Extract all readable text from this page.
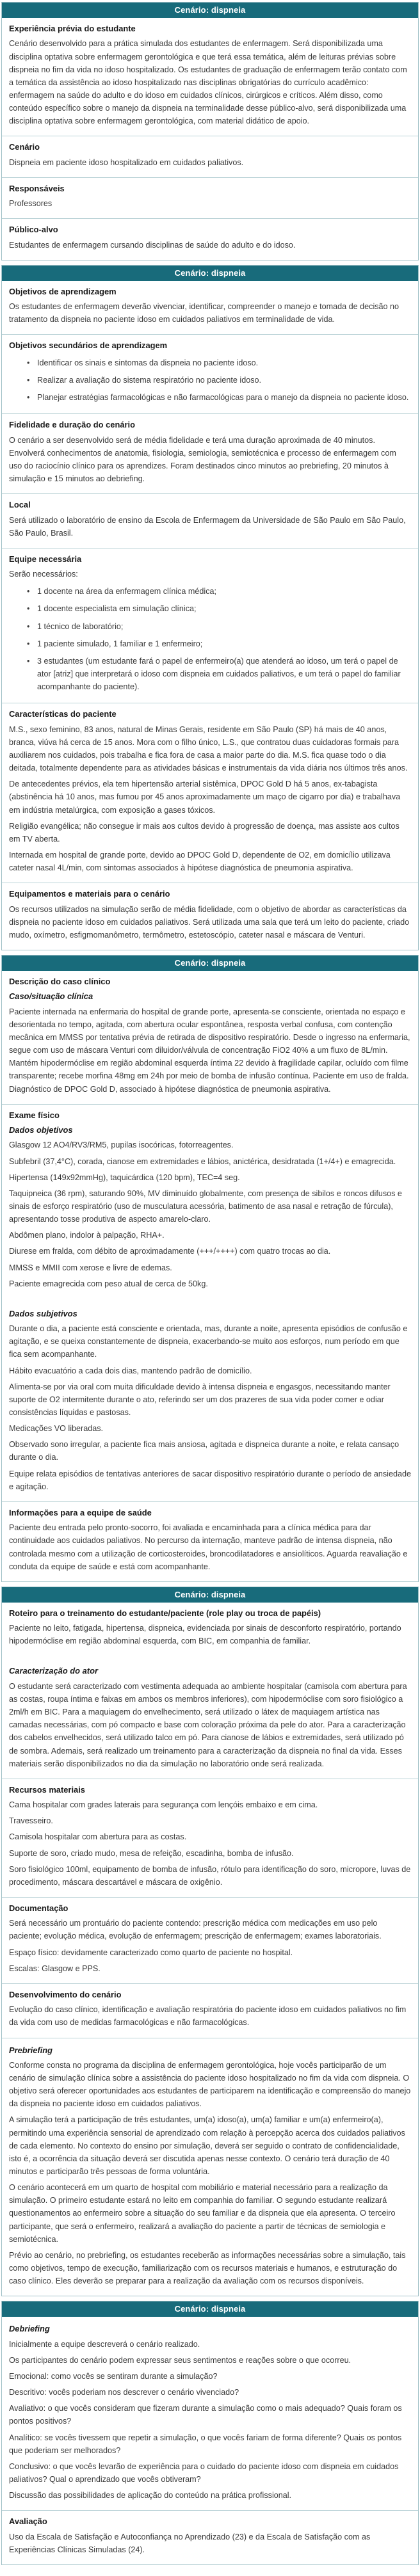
Cenário: dispneia
Experiência prévia do estudante
Cenário desenvolvido para a prática simulada dos estudantes de enfermagem. Será disponibilizada uma disciplina optativa sobre enfermagem gerontológica e que terá essa temática, além de leituras prévias sobre dispneia no fim da vida no idoso hospitalizado. Os estudantes de graduação de enfermagem terão contato com a temática da assistência ao idoso hospitalizado nas disciplinas obrigatórias do currículo acadêmico: enfermagem na saúde do adulto e do idoso em cuidados clínicos, cirúrgicos e críticos. Além disso, como conteúdo específico sobre o manejo da dispneia na terminalidade desse público-alvo, será disponibilizada uma disciplina optativa sobre enfermagem gerontológica, com material didático de apoio.
Cenário
Dispneia em paciente idoso hospitalizado em cuidados paliativos.
Responsáveis
Professores
Público-alvo
Estudantes de enfermagem cursando disciplinas de saúde do adulto e do idoso.
Cenário: dispneia
Objetivos de aprendizagem
Os estudantes de enfermagem deverão vivenciar, identificar, compreender o manejo e tomada de decisão no tratamento da dispneia no paciente idoso em cuidados paliativos em terminalidade de vida.
Objetivos secundários de aprendizagem
• Identificar os sinais e sintomas da dispneia no paciente idoso.
• Realizar a avaliação do sistema respiratório no paciente idoso.
• Planejar estratégias farmacológicas e não farmacológicas para o manejo da dispneia no paciente idoso.
Fidelidade e duração do cenário
O cenário a ser desenvolvido será de média fidelidade e terá uma duração aproximada de 40 minutos. Envolverá conhecimentos de anatomia, fisiologia, semiologia, semiotécnica e processo de enfermagem com uso do raciocínio clínico para os aprendizes. Foram destinados cinco minutos ao prebriefing, 20 minutos à simulação e 15 minutos ao debriefing.
Local
Será utilizado o laboratório de ensino da Escola de Enfermagem da Universidade de São Paulo em São Paulo, São Paulo, Brasil.
Equipe necessária
Serão necessários:
• 1 docente na área da enfermagem clínica médica;
• 1 docente especialista em simulação clínica;
• 1 técnico de laboratório;
• 1 paciente simulado, 1 familiar e 1 enfermeiro;
• 3 estudantes (um estudante fará o papel de enfermeiro(a) que atenderá ao idoso, um terá o papel de ator [atriz] que interpretará o idoso com dispneia em cuidados paliativos, e um terá o papel do familiar acompanhante do paciente).
Características do paciente
M.S., sexo feminino, 83 anos, natural de Minas Gerais, residente em São Paulo (SP) há mais de 40 anos, branca, viúva há cerca de 15 anos. Mora com o filho único, L.S., que contratou duas cuidadoras formais para auxiliarem nos cuidados, pois trabalha e fica fora de casa a maior parte do dia. M.S. fica quase todo o dia deitada, totalmente dependente para as atividades básicas e instrumentais da vida diária nos últimos três anos.
De antecedentes prévios, ela tem hipertensão arterial sistêmica, DPOC Gold D há 5 anos, ex-tabagista (abstinência há 10 anos, mas fumou por 45 anos aproximadamente um maço de cigarro por dia) e trabalhava em indústria metalúrgica, com exposição a gases tóxicos.
Religião evangélica; não consegue ir mais aos cultos devido à progressão de doença, mas assiste aos cultos em TV aberta.
Internada em hospital de grande porte, devido ao DPOC Gold D, dependente de O2, em domicílio utilizava cateter nasal 4L/min, com sintomas associados à hipótese diagnóstica de pneumonia aspirativa.
Equipamentos e materiais para o cenário
Os recursos utilizados na simulação serão de média fidelidade, com o objetivo de abordar as características da dispneia no paciente idoso em cuidados paliativos. Será utilizada uma sala que terá um leito do paciente, criado mudo, oxímetro, esfigmomanômetro, termômetro, estetoscópio, cateter nasal e máscara de Venturi.
Cenário: dispneia
Descrição do caso clínico
Caso/situação clínica
Paciente internada na enfermaria do hospital de grande porte, apresenta-se consciente, orientada no espaço e desorientada no tempo, agitada, com abertura ocular espontânea, resposta verbal confusa, com contenção mecânica em MMSS por tentativa prévia de retirada de dispositivo respiratório. Desde o ingresso na enfermaria, segue com uso de máscara Venturi com diluidor/válvula de concentração FiO2 40% a um fluxo de 8L/min. Mantém hipodermóclise em região abdominal esquerda íntima 22 devido à fragilidade capilar, ocluído com filme transparente; recebe morfina 48mg em 24h por meio de bomba de infusão contínua. Paciente em uso de fralda. Diagnóstico de DPOC Gold D, associado à hipótese diagnóstica de pneumonia aspirativa.
Exame físico
Dados objetivos
Glasgow 12 AO4/RV3/RM5, pupilas isocóricas, fotorreagentes.
Subfebril (37,4°C), corada, cianose em extremidades e lábios, anictérica, desidratada (1+/4+) e emagrecida.
Hipertensa (149x92mmHg), taquicárdica (120 bpm), TEC=4 seg.
Taquipneica (36 rpm), saturando 90%, MV diminuído globalmente, com presença de sibilos e roncos difusos e sinais de esforço respiratório (uso de musculatura acessória, batimento de asa nasal e retração de fúrcula), apresentando tosse produtiva de aspecto amarelo-claro.
Abdômen plano, indolor à palpação, RHA+.
Diurese em fralda, com débito de aproximadamente (+++/++++) com quatro trocas ao dia.
MMSS e MMII com xerose e livre de edemas.
Paciente emagrecida com peso atual de cerca de 50kg.
Dados subjetivos
Durante o dia, a paciente está consciente e orientada, mas, durante a noite, apresenta episódios de confusão e agitação, e se queixa constantemente de dispneia, exacerbando-se muito aos esforços, num período em que fica sem acompanhante.
Hábito evacuatório a cada dois dias, mantendo padrão de domicílio.
Alimenta-se por via oral com muita dificuldade devido à intensa dispneia e engasgos, necessitando manter suporte de O2 intermitente durante o ato, referindo ser um dos prazeres de sua vida poder comer e odiar consistências líquidas e pastosas.
Medicações VO liberadas.
Observado sono irregular, a paciente fica mais ansiosa, agitada e dispneica durante a noite, e relata cansaço durante o dia.
Equipe relata episódios de tentativas anteriores de sacar dispositivo respiratório durante o período de ansiedade e agitação.
Informações para a equipe de saúde
Paciente deu entrada pelo pronto-socorro, foi avaliada e encaminhada para a clínica médica para dar continuidade aos cuidados paliativos. No percurso da internação, manteve padrão de intensa dispneia, não controlada mesmo com a utilização de corticosteroides, broncodilatadores e ansiolíticos. Aguarda reavaliação e conduta da equipe de saúde e está com acompanhante.
Cenário: dispneia
Roteiro para o treinamento do estudante/paciente (role play ou troca de papéis)
Paciente no leito, fatigada, hipertensa, dispneica, evidenciada por sinais de desconforto respiratório, portando hipodermóclise em região abdominal esquerda, com BIC, em companhia de familiar.
Caracterização do ator
O estudante será caracterizado com vestimenta adequada ao ambiente hospitalar (camisola com abertura para as costas, roupa íntima e faixas em ambos os membros inferiores), com hipodermóclise com soro fisiológico a 2ml/h em BIC. Para a maquiagem do envelhecimento, será utilizado o látex de maquiagem artística nas camadas necessárias, com pó compacto e base com coloração próxima da pele do ator. Para a caracterização dos cabelos envelhecidos, será utilizado talco em pó. Para cianose de lábios e extremidades, será utilizado pó de sombra. Ademais, será realizado um treinamento para a caracterização da dispneia no final da vida. Esses materiais serão disponibilizados no dia da simulação no laboratório onde será realizada.
Recursos materiais
Cama hospitalar com grades laterais para segurança com lençóis embaixo e em cima.
Travesseiro.
Camisola hospitalar com abertura para as costas.
Suporte de soro, criado mudo, mesa de refeição, escadinha, bomba de infusão.
Soro fisiológico 100ml, equipamento de bomba de infusão, rótulo para identificação do soro, micropore, luvas de procedimento, máscara descartável e máscara de oxigênio.
Documentação
Será necessário um prontuário do paciente contendo: prescrição médica com medicações em uso pelo paciente; evolução médica, evolução de enfermagem; prescrição de enfermagem; exames laboratoriais.
Espaço físico: devidamente caracterizado como quarto de paciente no hospital.
Escalas: Glasgow e PPS.
Desenvolvimento do cenário
Evolução do caso clínico, identificação e avaliação respiratória do paciente idoso em cuidados paliativos no fim da vida com uso de medidas farmacológicas e não farmacológicas.
Prebriefing
Conforme consta no programa da disciplina de enfermagem gerontológica, hoje vocês participarão de um cenário de simulação clínica sobre a assistência do paciente idoso hospitalizado no fim da vida com dispneia. O objetivo será oferecer oportunidades aos estudantes de participarem na identificação e compreensão do manejo da dispneia no paciente idoso em cuidados paliativos.
A simulação terá a participação de três estudantes, um(a) idoso(a), um(a) familiar e um(a) enfermeiro(a), permitindo uma experiência sensorial de aprendizado com relação à percepção acerca dos cuidados paliativos de cada elemento. No contexto do ensino por simulação, deverá ser seguido o contrato de confidencialidade, isto é, a ocorrência da situação deverá ser discutida apenas nesse contexto. O cenário terá duração de 40 minutos e participarão três pessoas de forma voluntária.
O cenário acontecerá em um quarto de hospital com mobiliário e material necessário para a realização da simulação. O primeiro estudante estará no leito em companhia do familiar. O segundo estudante realizará questionamentos ao enfermeiro sobre a situação do seu familiar e da dispneia que ela apresenta. O terceiro participante, que será o enfermeiro, realizará a avaliação do paciente a partir de técnicas de semiologia e semiotécnica.
Prévio ao cenário, no prebriefing, os estudantes receberão as informações necessárias sobre a simulação, tais como objetivos, tempo de execução, familiarização com os recursos materiais e humanos, e estruturação do caso clínico. Eles deverão se preparar para a realização da avaliação com os recursos disponíveis.
Cenário: dispneia
Debriefing
Inicialmente a equipe descreverá o cenário realizado.
Os participantes do cenário podem expressar seus sentimentos e reações sobre o que ocorreu.
Emocional: como vocês se sentiram durante a simulação?
Descritivo: vocês poderiam nos descrever o cenário vivenciado?
Avaliativo: o que vocês consideram que fizeram durante a simulação como o mais adequado? Quais foram os pontos positivos?
Analítico: se vocês tivessem que repetir a simulação, o que vocês fariam de forma diferente? Quais os pontos que poderiam ser melhorados?
Conclusivo: o que vocês levarão de experiência para o cuidado do paciente idoso com dispneia em cuidados paliativos? Qual o aprendizado que vocês obtiveram?
Discussão das possibilidades de aplicação do conteúdo na prática profissional.
Avaliação
Uso da Escala de Satisfação e Autoconfiança no Aprendizado (23) e da Escala de Satisfação com as Experiências Clínicas Simuladas (24).
